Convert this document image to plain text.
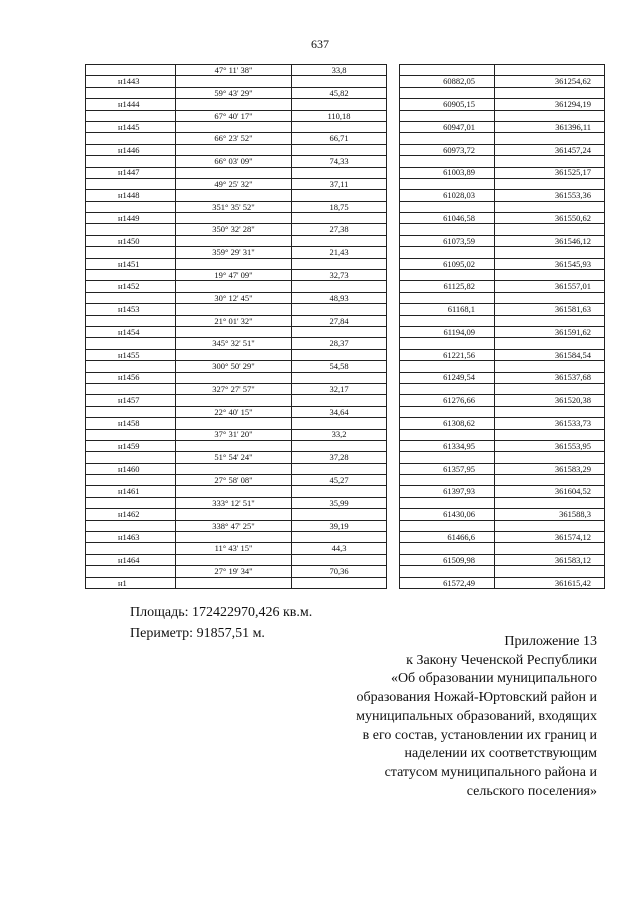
637
	47° 11' 38"	33,8			
н1443				60882,05	361254,62
	59° 43' 29"	45,82			
н1444				60905,15	361294,19
	67° 40' 17"	110,18			
н1445				60947,01	361396,11
	66° 23' 52"	66,71			
н1446				60973,72	361457,24
	66° 03' 09"	74,33			
н1447				61003,89	361525,17
	49° 25' 32"	37,11			
н1448				61028,03	361553,36
	351° 35' 52"	18,75			
н1449				61046,58	361550,62
	350° 32' 28"	27,38			
н1450				61073,59	361546,12
	359° 29' 31"	21,43			
н1451				61095,02	361545,93
	19° 47' 09"	32,73			
н1452				61125,82	361557,01
	30° 12' 45"	48,93			
н1453				61168,1	361581,63
	21° 01' 32"	27,84			
н1454				61194,09	361591,62
	345° 32' 51"	28,37			
н1455				61221,56	361584,54
	300° 50' 29"	54,58			
н1456				61249,54	361537,68
	327° 27' 57"	32,17			
н1457				61276,66	361520,38
	22° 40' 15"	34,64			
н1458				61308,62	361533,73
	37° 31' 20"	33,2			
н1459				61334,95	361553,95
	51° 54' 24"	37,28			
н1460				61357,95	361583,29
	27° 58' 08"	45,27			
н1461				61397,93	361604,52
	333° 12' 51"	35,99			
н1462				61430,06	361588,3
	338° 47' 25"	39,19			
н1463				61466,6	361574,12
	11° 43' 15"	44,3			
н1464				61509,98	361583,12
	27° 19' 34"	70,36			
н1				61572,49	361615,42
Площадь: 172422970,426 кв.м.
Периметр: 91857,51 м.
Приложение 13
к Закону Чеченской Республики
«Об образовании муниципального
образования Ножай-Юртовский район и
муниципальных образований, входящих
в его состав, установлении их границ и
наделении их соответствующим
статусом муниципального района и
сельского поселения»
